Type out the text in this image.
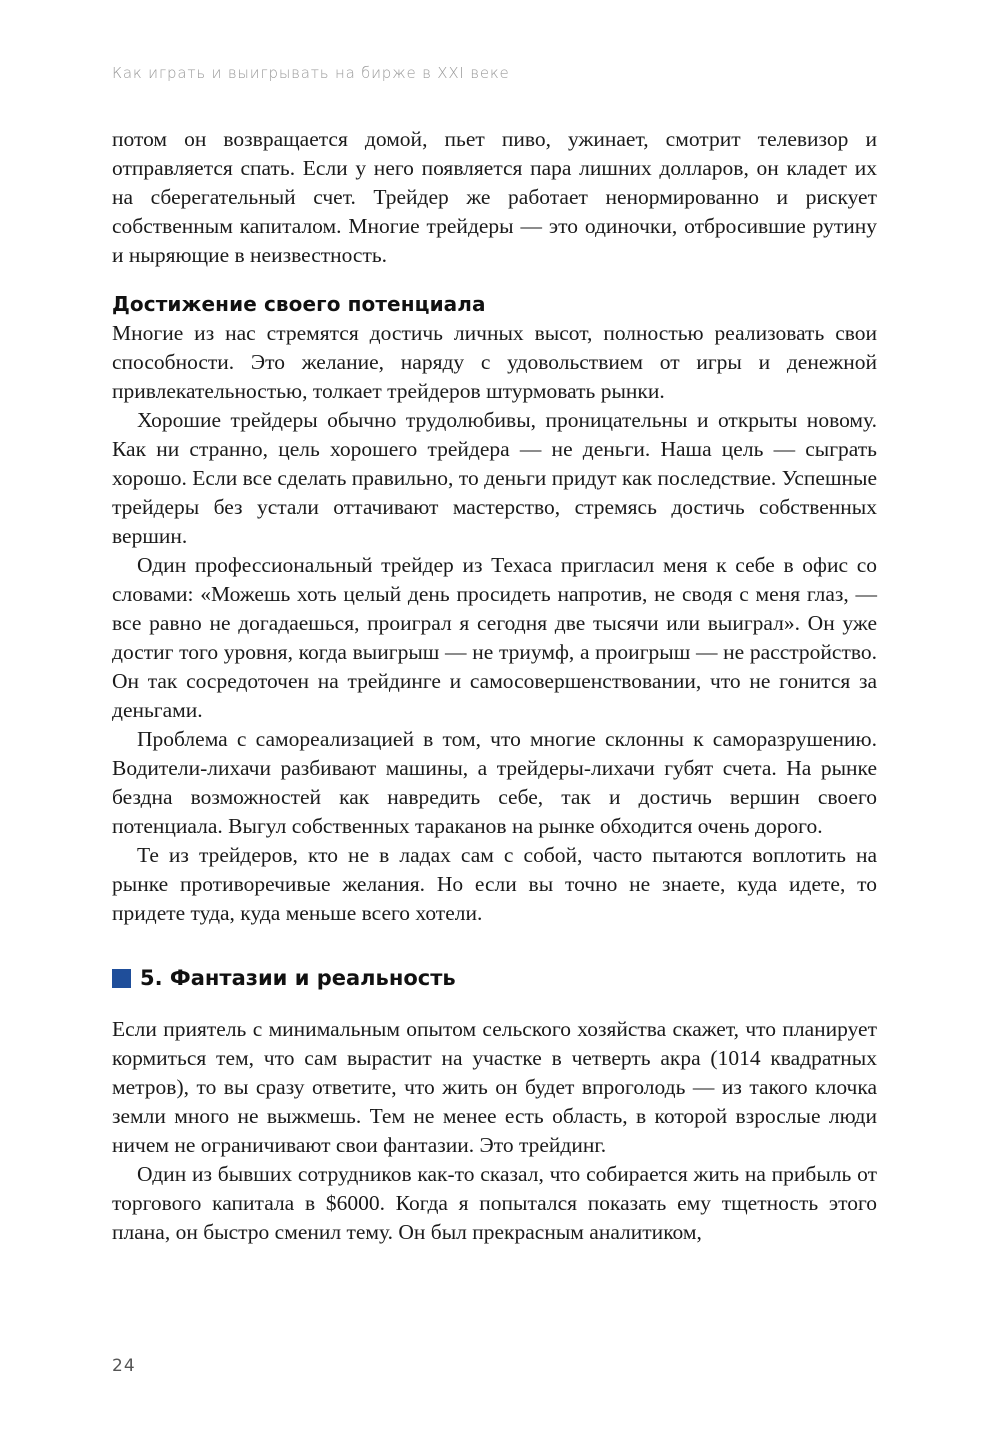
Как играть и выигрывать на бирже в XXI веке

потом он возвращается домой, пьет пиво, ужинает, смотрит телевизор и отправляется спать. Если у него появляется пара лишних долларов, он кладет их на сберегательный счет. Трейдер же работает ненормированно и рискует собственным капиталом. Многие трейдеры — это одиночки, отбросившие рутину и ныряющие в неизвестность.

Достижение своего потенциала

Многие из нас стремятся достичь личных высот, полностью реализовать свои способности. Это желание, наряду с удовольствием от игры и денежной привлекательностью, толкает трейдеров штурмовать рынки.

Хорошие трейдеры обычно трудолюбивы, проницательны и открыты новому. Как ни странно, цель хорошего трейдера — не деньги. Наша цель — сыграть хорошо. Если все сделать правильно, то деньги придут как последствие. Успешные трейдеры без устали оттачивают мастерство, стремясь достичь собственных вершин.

Один профессиональный трейдер из Техаса пригласил меня к себе в офис со словами: «Можешь хоть целый день просидеть напротив, не сводя с меня глаз, — все равно не догадаешься, проиграл я сегодня две тысячи или выиграл». Он уже достиг того уровня, когда выигрыш — не триумф, а проигрыш — не расстройство. Он так сосредоточен на трейдинге и самосовершенствовании, что не гонится за деньгами.

Проблема с самореализацией в том, что многие склонны к саморазрушению. Водители-лихачи разбивают машины, а трейдеры-лихачи губят счета. На рынке бездна возможностей как навредить себе, так и достичь вершин своего потенциала. Выгул собственных тараканов на рынке обходится очень дорого.

Те из трейдеров, кто не в ладах сам с собой, часто пытаются воплотить на рынке противоречивые желания. Но если вы точно не знаете, куда идете, то придете туда, куда меньше всего хотели.

5. Фантазии и реальность

Если приятель с минимальным опытом сельского хозяйства скажет, что планирует кормиться тем, что сам вырастит на участке в четверть акра (1014 квадратных метров), то вы сразу ответите, что жить он будет впроголодь — из такого клочка земли много не выжмешь. Тем не менее есть область, в которой взрослые люди ничем не ограничивают свои фантазии. Это трейдинг.

Один из бывших сотрудников как-то сказал, что собирается жить на прибыль от торгового капитала в $6000. Когда я попытался показать ему тщетность этого плана, он быстро сменил тему. Он был прекрасным аналитиком,

24
